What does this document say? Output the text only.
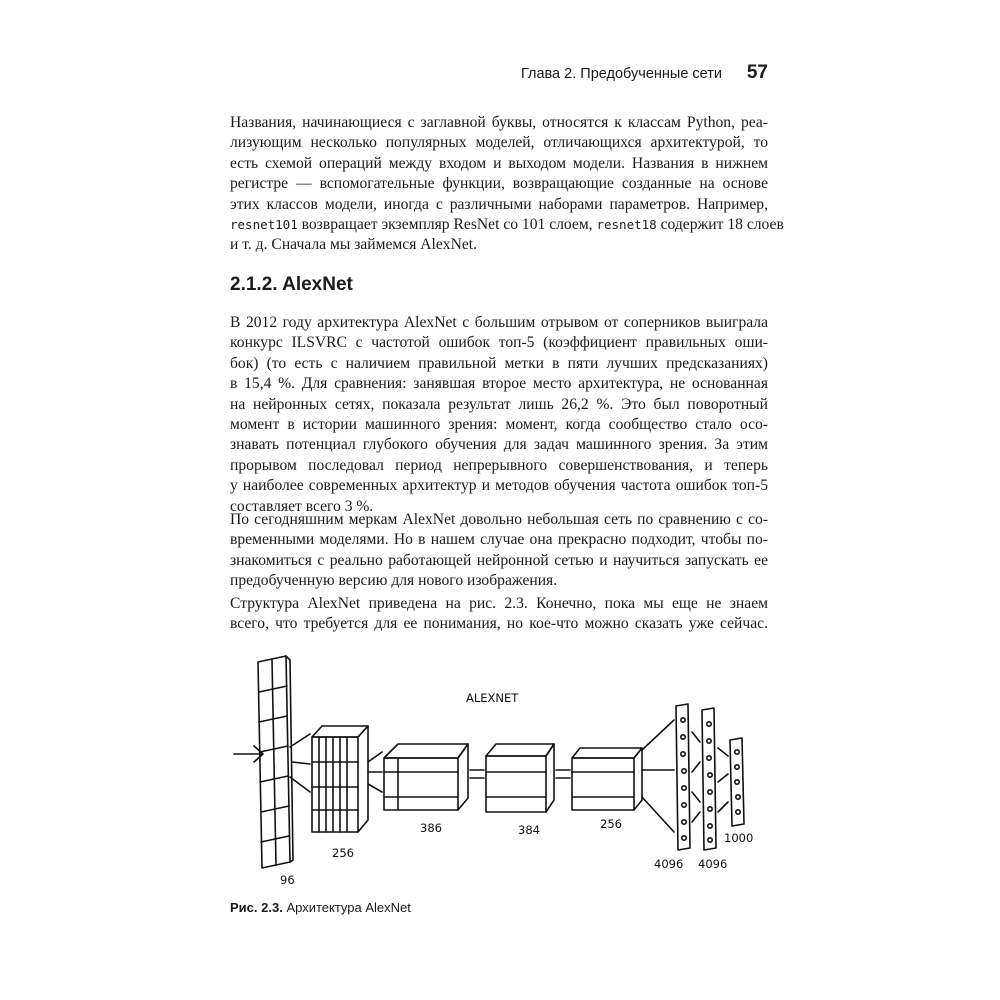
Глава 2. Предобученные сети 57
Названия, начинающиеся с заглавной буквы, относятся к классам Python, реа-
лизующим несколько популярных моделей, отличающихся архитектурой, то
есть схемой операций между входом и выходом модели. Названия в нижнем
регистре — вспомогательные функции, возвращающие созданные на основе
этих классов модели, иногда с различными наборами параметров. Например,
resnet101 возвращает экземпляр ResNet со 101 слоем, resnet18 содержит 18 слоев
и т. д. Сначала мы займемся AlexNet.
2.1.2. AlexNet
В 2012 году архитектура AlexNet с большим отрывом от соперников выиграла
конкурс ILSVRC с частотой ошибок топ-5 (коэффициент правильных оши-
бок) (то есть с наличием правильной метки в пяти лучших предсказаниях)
в 15,4 %. Для сравнения: занявшая второе место архитектура, не основанная
на нейронных сетях, показала результат лишь 26,2 %. Это был поворотный
момент в истории машинного зрения: момент, когда сообщество стало осо-
знавать потенциал глубокого обучения для задач машинного зрения. За этим
прорывом последовал период непрерывного совершенствования, и теперь
у наиболее современных архитектур и методов обучения частота ошибок топ-5
составляет всего 3 %.
По сегодняшним меркам AlexNet довольно небольшая сеть по сравнению с со-
временными моделями. Но в нашем случае она прекрасно подходит, чтобы по-
знакомиться с реально работающей нейронной сетью и научиться запускать ее
предобученную версию для нового изображения.
Структура AlexNet приведена на рис. 2.3. Конечно, пока мы еще не знаем
всего, что требуется для ее понимания, но кое-что можно сказать уже сейчас.
ALEXNET
96
256
386	384	256
4096 4096
1000
Рис. 2.3. Архитектура AlexNet
